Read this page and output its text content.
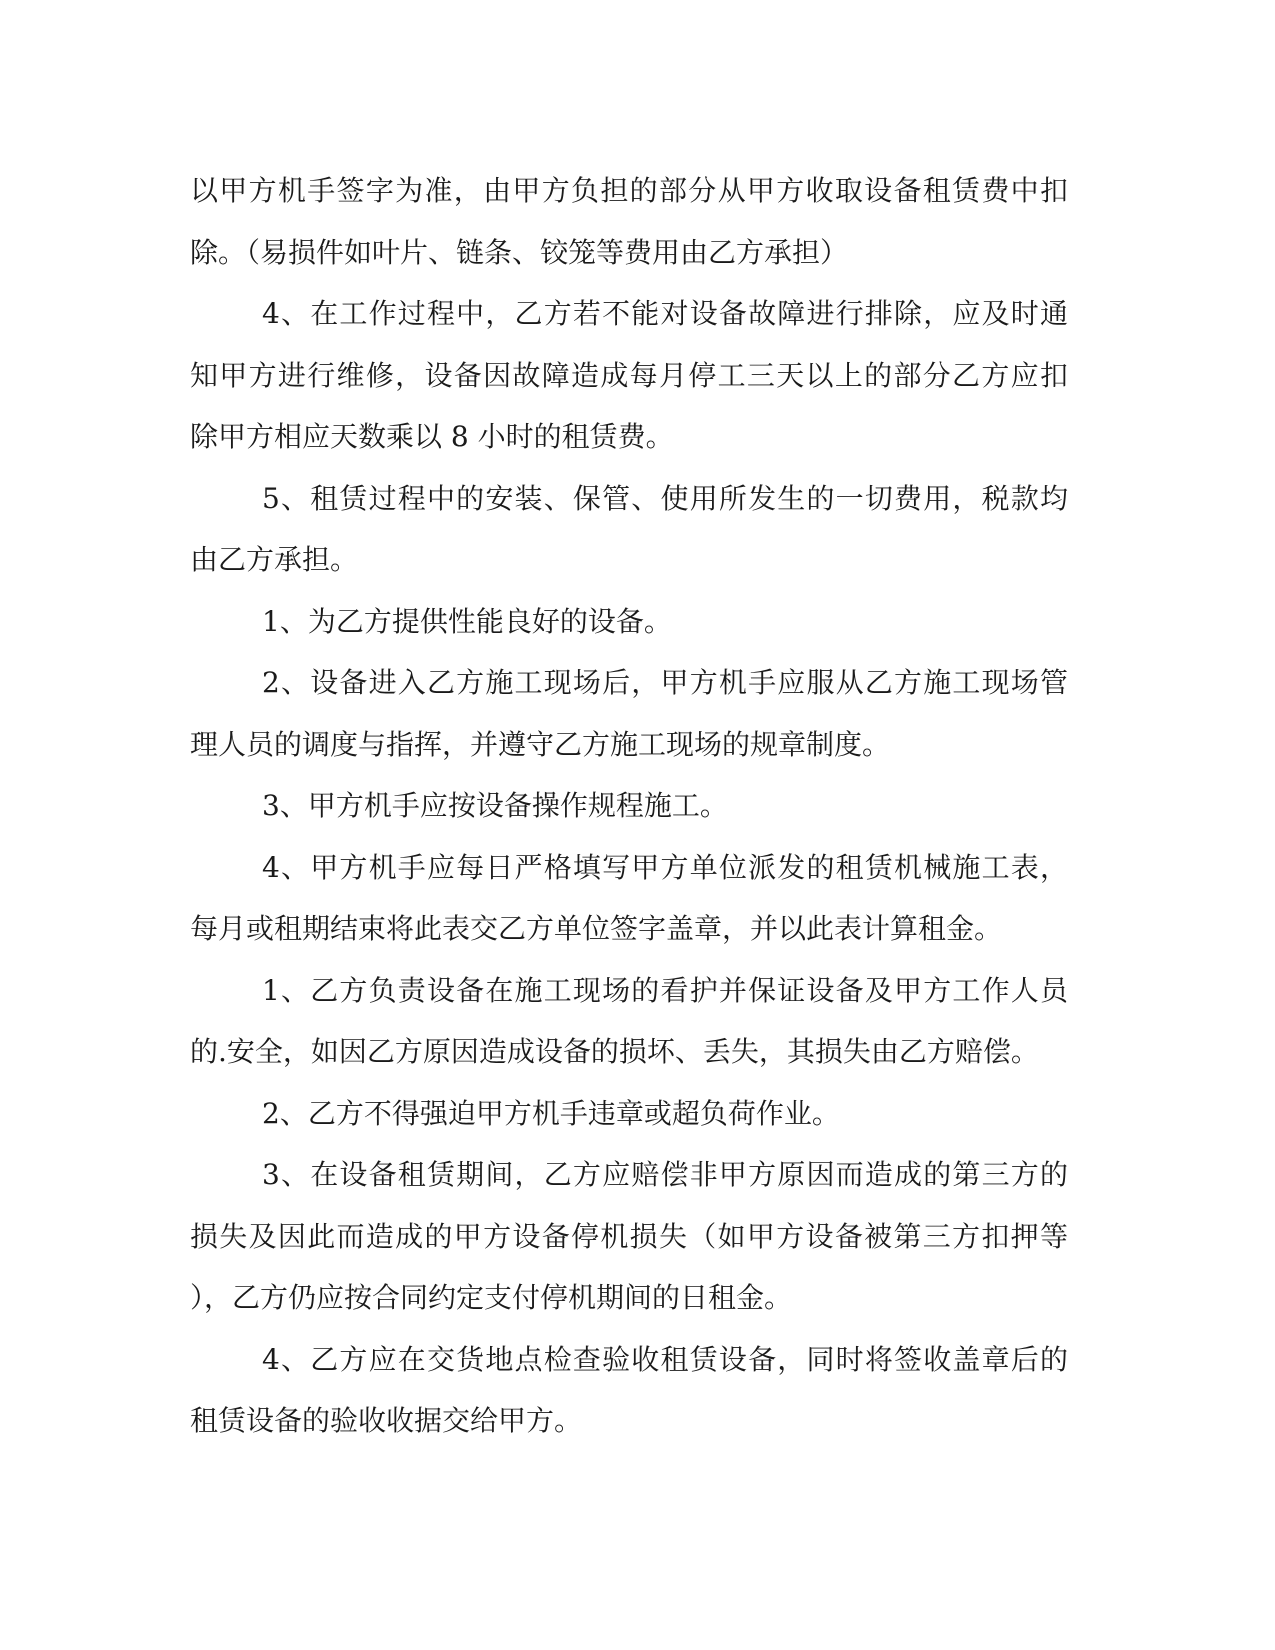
以甲方机手签字为准，由甲方负担的部分从甲方收取设备租赁费中扣
除。（易损件如叶片、链条、铰笼等费用由乙方承担）
4、在工作过程中，乙方若不能对设备故障进行排除，应及时通
知甲方进行维修，设备因故障造成每月停工三天以上的部分乙方应扣
除甲方相应天数乘以 8 小时的租赁费。
5、租赁过程中的安装、保管、使用所发生的一切费用，税款均
由乙方承担。
1、为乙方提供性能良好的设备。
2、设备进入乙方施工现场后，甲方机手应服从乙方施工现场管
理人员的调度与指挥，并遵守乙方施工现场的规章制度。
3、甲方机手应按设备操作规程施工。
4、甲方机手应每日严格填写甲方单位派发的租赁机械施工表，
每月或租期结束将此表交乙方单位签字盖章，并以此表计算租金。
1、乙方负责设备在施工现场的看护并保证设备及甲方工作人员
的.安全，如因乙方原因造成设备的损坏、丢失，其损失由乙方赔偿。
2、乙方不得强迫甲方机手违章或超负荷作业。
3、在设备租赁期间，乙方应赔偿非甲方原因而造成的第三方的
损失及因此而造成的甲方设备停机损失（如甲方设备被第三方扣押等
），乙方仍应按合同约定支付停机期间的日租金。
4、乙方应在交货地点检查验收租赁设备，同时将签收盖章后的
租赁设备的验收收据交给甲方。
